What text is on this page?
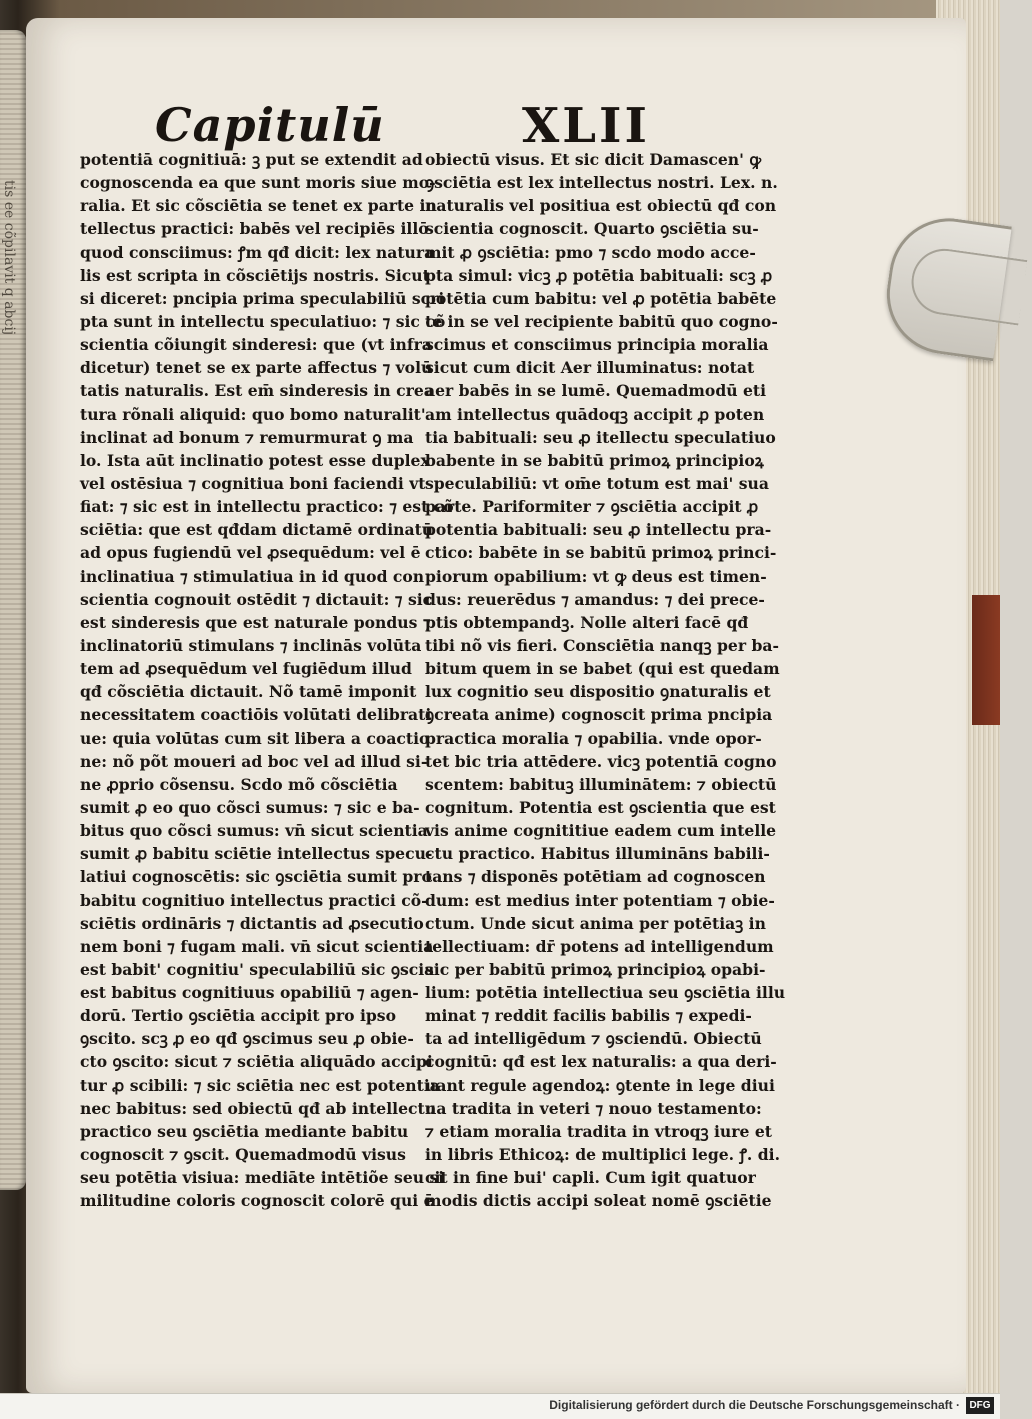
tis ee cõpilavit q abcij
Capitulū	XLII
potentiā cognitiuā: ꝫ put se extendit ad
cognoscenda ea que sunt moris siue mo-
ralia. Et sic cõsciētia se tenet ex parte in
tellectus practici: babēs vel recipiēs illō
quod consciimus: ꝭm qđ dicit: lex natura
lis est scripta in cõsciētijs nostris. Sicut
si diceret: pncipia prima speculabiliū scri
pta sunt in intellectu speculatiuo: ⁊ sic cõ
scientia cõiungit sinderesi: que (vt infra
dicetur) tenet se ex parte affectus ⁊ volū
tatis naturalis. Est em̄ sinderesis in crea
tura rõnali aliquid: quo bomo naturalit'
inclinat ad bonum ⁊ remurmurat ꝯ ma
lo. Ista aūt inclinatio potest esse duplex
vel ostēsiua ⁊ cognitiua boni faciendi vt
fiat: ⁊ sic est in intellectu practico: ⁊ est cõ
sciētia: que est qđdam dictamē ordinatū
ad opus fugiendū vel ꝓsequēdum: vel ē
inclinatiua ⁊ stimulatiua in id quod con
scientia cognouit ostēdit ⁊ dictauit: ⁊ sic
est sinderesis que est naturale pondus ⁊
inclinatoriū stimulans ⁊ inclinās volūta
tem ad ꝓsequēdum vel fugiēdum illud
qđ cõsciētia dictauit. Nõ tamē imponit
necessitatem coactiōis volūtati delibrati
ue: quia volūtas cum sit libera a coactio
ne: nõ põt moueri ad boc vel ad illud si-
ne ꝓprio cõsensu. Scdo mõ cõsciētia
sumit ꝓ eo quo cõsci sumus: ⁊ sic e ba-
bitus quo cõsci sumus: vn̄ sicut scientia
sumit ꝓ babitu sciētie intellectus specu-
latiui cognoscētis: sic ꝯsciētia sumit pro
babitu cognitiuo intellectus practici cõ-
sciētis ordināris ⁊ dictantis ad ꝓsecutio
nem boni ⁊ fugam mali. vn̄ sicut scientia
est babit' cognitiu' speculabiliū sic ꝯscia
est babitus cognitiuus opabiliū ⁊ agen-
dorū. Tertio ꝯsciētia accipit pro ipso
ꝯscito. scꝫ ꝓ eo qđ ꝯscimus seu ꝓ obie-
cto ꝯscito: sicut ⁊ sciētia aliquādo accipi
tur ꝓ scibili: ⁊ sic sciētia nec est potentia
nec babitus: sed obiectū qđ ab intellectu
practico seu ꝯsciētia mediante babitu
cognoscit ⁊ ꝯscit. Quemadmodū visus
seu potētia visiua: mediāte intētiõe seu si
militudine coloris cognoscit colorē qui ē
obiectū visus. Et sic dicit Damascen' ꝙ
ꝯsciētia est lex intellectus nostri. Lex. n.
naturalis vel positiua est obiectū qđ con
scientia cognoscit. Quarto ꝯsciētia su-
mit ꝓ ꝯsciētia: pmo ⁊ scdo modo acce-
pta simul: vicꝫ ꝓ potētia babituali: scꝫ ꝓ
potētia cum babitu: vel ꝓ potētia babēte
te in se vel recipiente babitū quo cogno-
scimus et consciimus principia moralia
sicut cum dicit Aer illuminatus: notat
aer babēs in se lumē. Quemadmodū eti
am intellectus quādoqꝫ accipit ꝓ poten
tia babituali: seu ꝓ itellectu speculatiuo
babente in se babitū primoꝝ principioꝝ
speculabiliū: vt om̄e totum est mai' sua
parte. Pariformiter ⁊ ꝯsciētia accipit ꝓ
potentia babituali: seu ꝓ intellectu pra-
ctico: babēte in se babitū primoꝝ princi-
piorum opabilium: vt ꝙ deus est timen-
dus: reuerēdus ⁊ amandus: ⁊ dei prece-
ptis obtempandꝫ. Nolle alteri facē qđ
tibi nõ vis fieri. Consciētia nanqꝫ per ba-
bitum quem in se babet (qui est quedam
lux cognitio seu dispositio ꝯnaturalis et
ꝯcreata anime) cognoscit prima pncipia
practica moralia ⁊ opabilia. vnde opor-
tet bic tria attēdere. vicꝫ potentiā cogno
scentem: babituꝫ illuminātem: ⁊ obiectū
cognitum. Potentia est ꝯscientia que est
vis anime cognititiue eadem cum intelle
ctu practico. Habitus illumināns babili-
tans ⁊ disponēs potētiam ad cognoscen
dum: est medius inter potentiam ⁊ obie-
ctum. Unde sicut anima per potētiaꝫ in
tellectiuam: dr̄ potens ad intelligendum
sic per babitū primoꝝ principioꝝ opabi-
lium: potētia intellectiua seu ꝯsciētia illu
minat ⁊ reddit facilis babilis ⁊ expedi-
ta ad intelligēdum ⁊ ꝯsciendū. Obiectū
cognitū: qđ est lex naturalis: a qua deri-
uant regule agendoꝝ: ꝯtente in lege diui
na tradita in veteri ⁊ nouo testamento:
⁊ etiam moralia tradita in vtroqꝫ iure et
in libris Ethicoꝝ: de multiplici lege. ꝭ. di.
cit in fine bui' capli. Cum igit quatuor
modis dictis accipi soleat nomē ꝯsciētie
Digitalisierung gefördert durch die Deutsche Forschungsgemeinschaft · DFG
